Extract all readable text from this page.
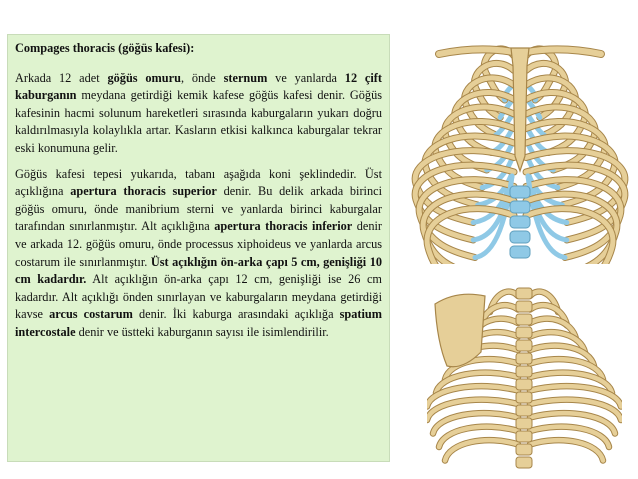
Compages thoracis (göğüs kafesi):

Arkada 12 adet göğüs omuru, önde sternum ve yanlarda 12 çift kaburganın meydana getirdiği kemik kafese göğüs kafesi denir. Göğüs kafesinin hacmi solunum hareketleri sırasında kaburgaların yukarı doğru kaldırılmasıyla kolaylıkla artar. Kasların etkisi kalkınca kaburgalar tekrar eski konumuna gelir.

Göğüs kafesi tepesi yukarıda, tabanı aşağıda koni şeklindedir. Üst açıklığına apertura thoracis superior denir. Bu delik arkada birinci göğüs omuru, önde manibrium sterni ve yanlarda birinci kaburgalar tarafından sınırlanmıştır. Alt açıklığına apertura thoracis inferior denir ve arkada 12. göğüs omuru, önde processus xiphoideus ve yanlarda arcus costarum ile sınırlanmıştır. Üst açıklığın ön-arka çapı 5 cm, genişliği 10 cm kadardır. Alt açıklığın ön-arka çapı 12 cm, genişliği ise 26 cm kadardır. Alt açıklığı önden sınırlayan ve kaburgaların meydana getirdiği kavse arcus costarum denir. İki kaburga arasındaki açıklığa spatium intercostale denir ve üstteki kaburganın sayısı ile isimlendirilir.
